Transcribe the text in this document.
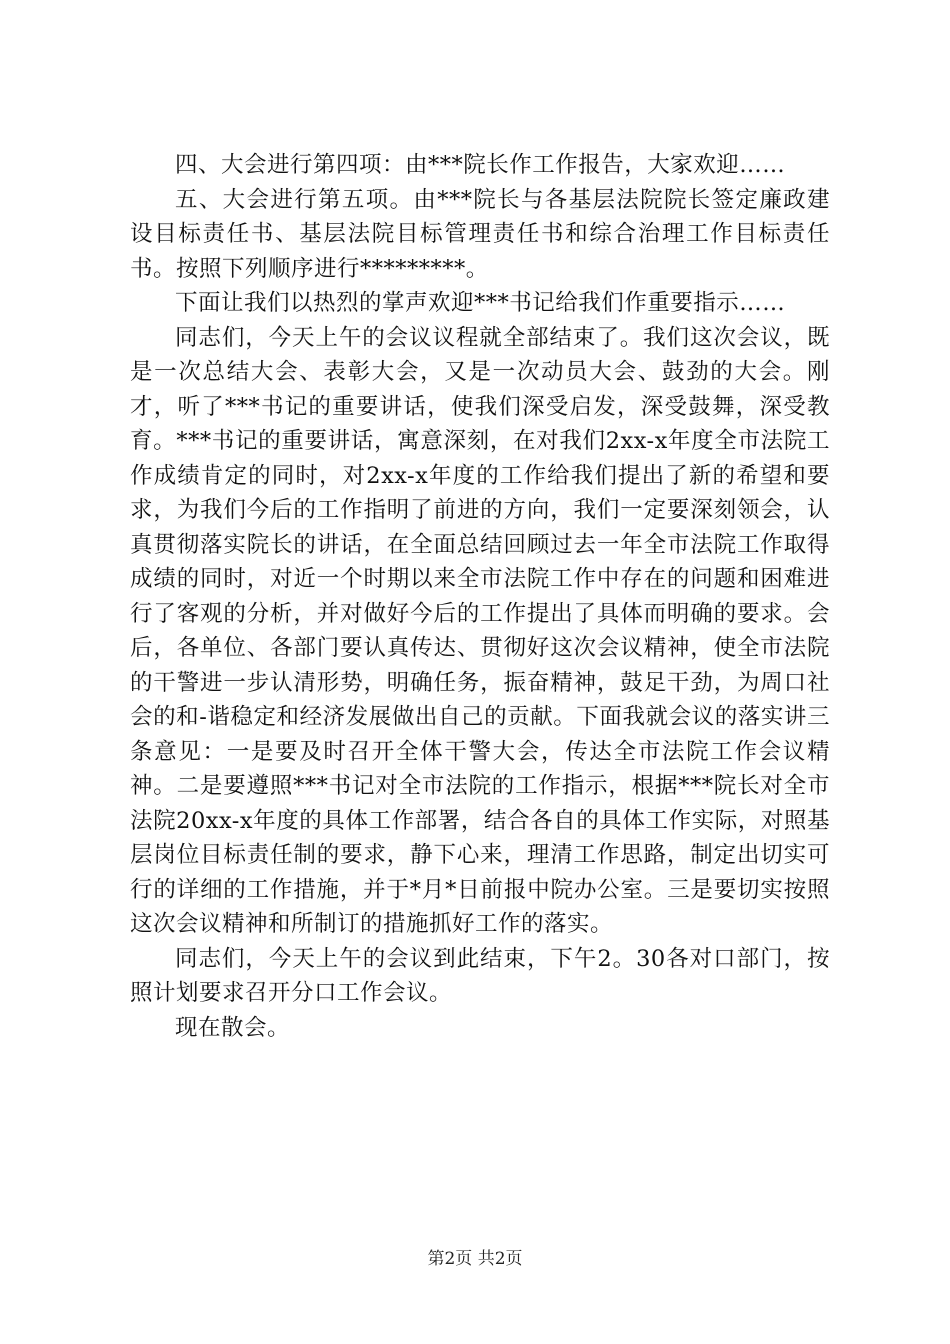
四、大会进行第四项：由***院长作工作报告，大家欢迎……

五、大会进行第五项。由***院长与各基层法院院长签定廉政建设目标责任书、基层法院目标管理责任书和综合治理工作目标责任书。按照下列顺序进行*********。

下面让我们以热烈的掌声欢迎***书记给我们作重要指示……

同志们，今天上午的会议议程就全部结束了。我们这次会议，既是一次总结大会、表彰大会，又是一次动员大会、鼓劲的大会。刚才，听了***书记的重要讲话，使我们深受启发，深受鼓舞，深受教育。***书记的重要讲话，寓意深刻，在对我们2xx-x年度全市法院工作成绩肯定的同时，对2xx-x年度的工作给我们提出了新的希望和要求，为我们今后的工作指明了前进的方向，我们一定要深刻领会，认真贯彻落实院长的讲话，在全面总结回顾过去一年全市法院工作取得成绩的同时，对近一个时期以来全市法院工作中存在的问题和困难进行了客观的分析，并对做好今后的工作提出了具体而明确的要求。会后，各单位、各部门要认真传达、贯彻好这次会议精神，使全市法院的干警进一步认清形势，明确任务，振奋精神，鼓足干劲，为周口社会的和-谐稳定和经济发展做出自己的贡献。下面我就会议的落实讲三条意见：一是要及时召开全体干警大会，传达全市法院工作会议精神。二是要遵照***书记对全市法院的工作指示，根据***院长对全市法院20xx-x年度的具体工作部署，结合各自的具体工作实际，对照基层岗位目标责任制的要求，静下心来，理清工作思路，制定出切实可行的详细的工作措施，并于*月*日前报中院办公室。三是要切实按照这次会议精神和所制订的措施抓好工作的落实。

同志们，今天上午的会议到此结束，下午2。30各对口部门，按照计划要求召开分口工作会议。

现在散会。

第2页 共2页
